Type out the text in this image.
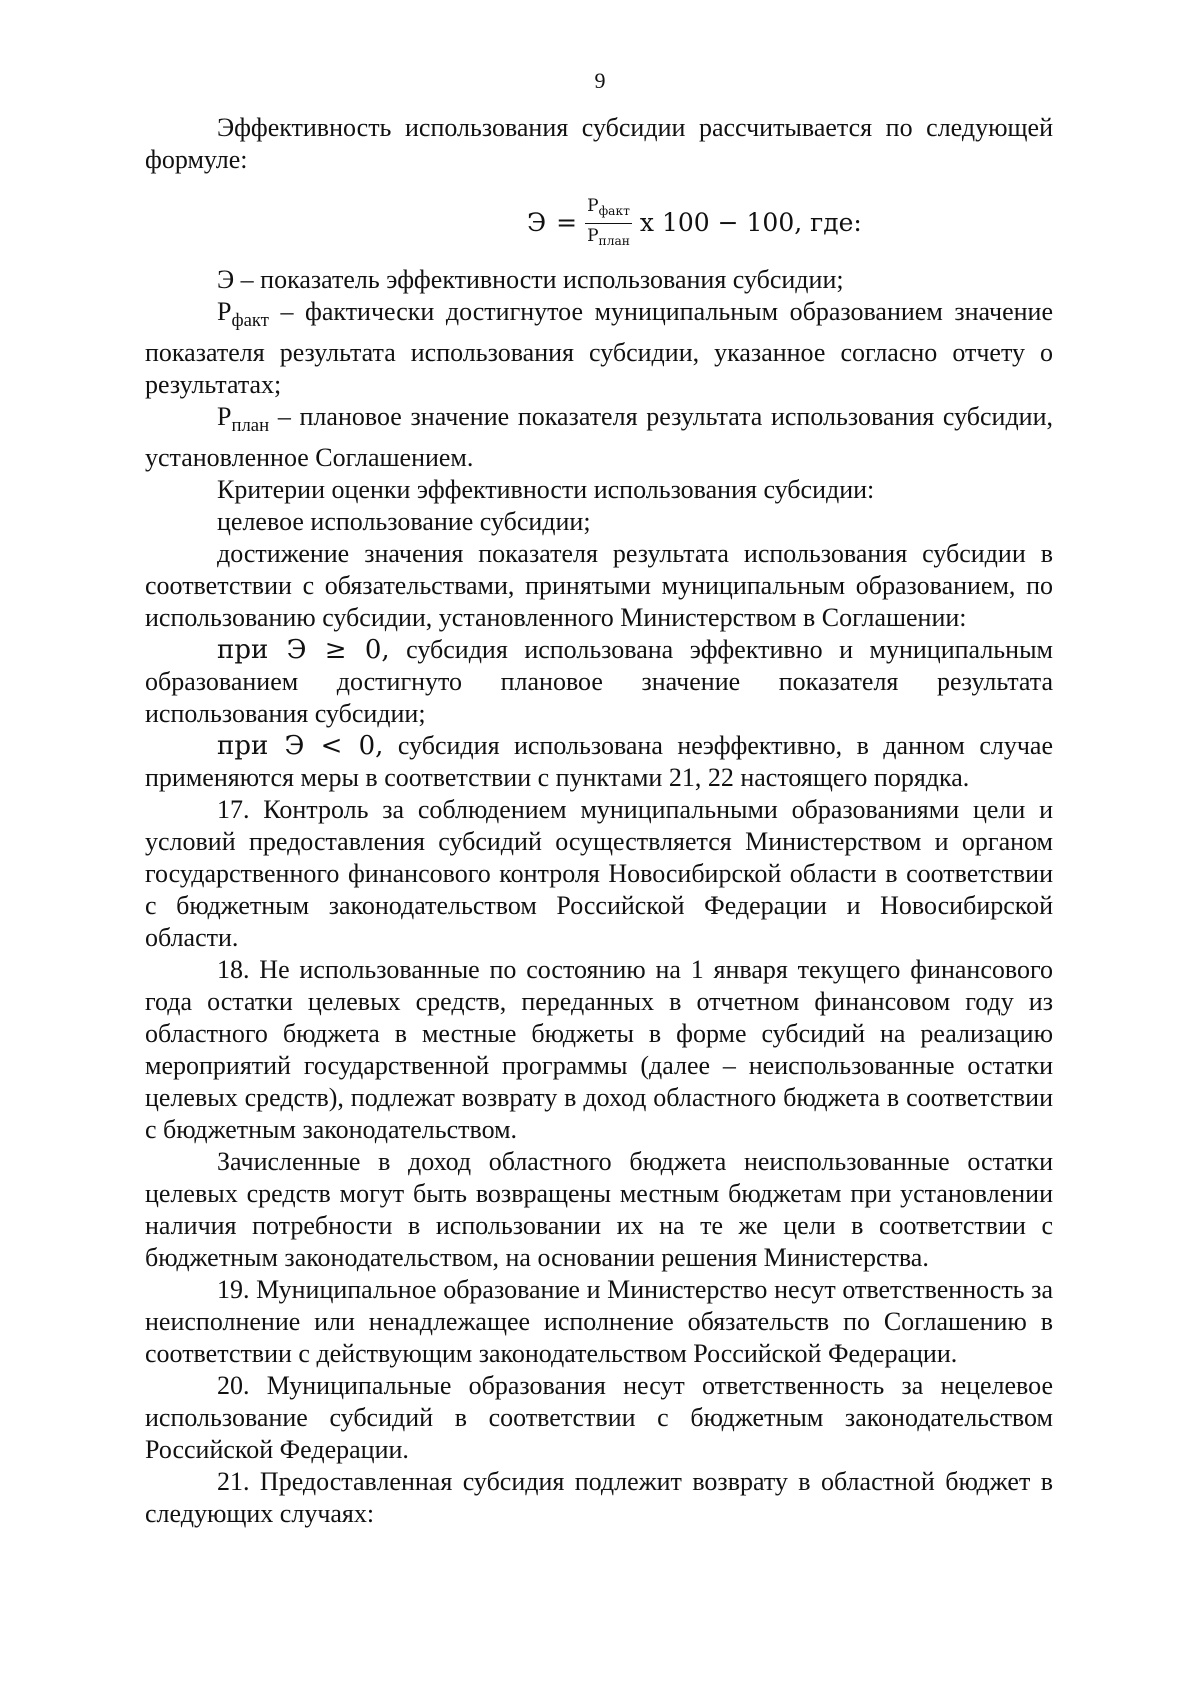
9

Эффективность использования субсидии рассчитывается по следующей формуле:

$Э = \frac{Р_{факт}}{Р_{план}}$ х 100 − 100, где:

Э – показатель эффективности использования субсидии;

$Р_{факт}$ – фактически достигнутое муниципальным образованием значение показателя результата использования субсидии, указанное согласно отчету о результатах;

$Р_{план}$ – плановое значение показателя результата использования субсидии, установленное Соглашением.

Критерии оценки эффективности использования субсидии:

целевое использование субсидии;

достижение значения показателя результата использования субсидии в соответствии с обязательствами, принятыми муниципальным образованием, по использованию субсидии, установленного Министерством в Соглашении:

при Э ≥ 0, субсидия использована эффективно и муниципальным образованием достигнуто плановое значение показателя результата использования субсидии;

при Э < 0, субсидия использована неэффективно, в данном случае применяются меры в соответствии с пунктами 21, 22 настоящего порядка.

17. Контроль за соблюдением муниципальными образованиями цели и условий предоставления субсидий осуществляется Министерством и органом государственного финансового контроля Новосибирской области в соответствии с бюджетным законодательством Российской Федерации и Новосибирской области.

18. Не использованные по состоянию на 1 января текущего финансового года остатки целевых средств, переданных в отчетном финансовом году из областного бюджета в местные бюджеты в форме субсидий на реализацию мероприятий государственной программы (далее – неиспользованные остатки целевых средств), подлежат возврату в доход областного бюджета в соответствии с бюджетным законодательством.

Зачисленные в доход областного бюджета неиспользованные остатки целевых средств могут быть возвращены местным бюджетам при установлении наличия потребности в использовании их на те же цели в соответствии с бюджетным законодательством, на основании решения Министерства.

19. Муниципальное образование и Министерство несут ответственность за неисполнение или ненадлежащее исполнение обязательств по Соглашению в соответствии с действующим законодательством Российской Федерации.

20. Муниципальные образования несут ответственность за нецелевое использование субсидий в соответствии с бюджетным законодательством Российской Федерации.

21. Предоставленная субсидия подлежит возврату в областной бюджет в следующих случаях:
